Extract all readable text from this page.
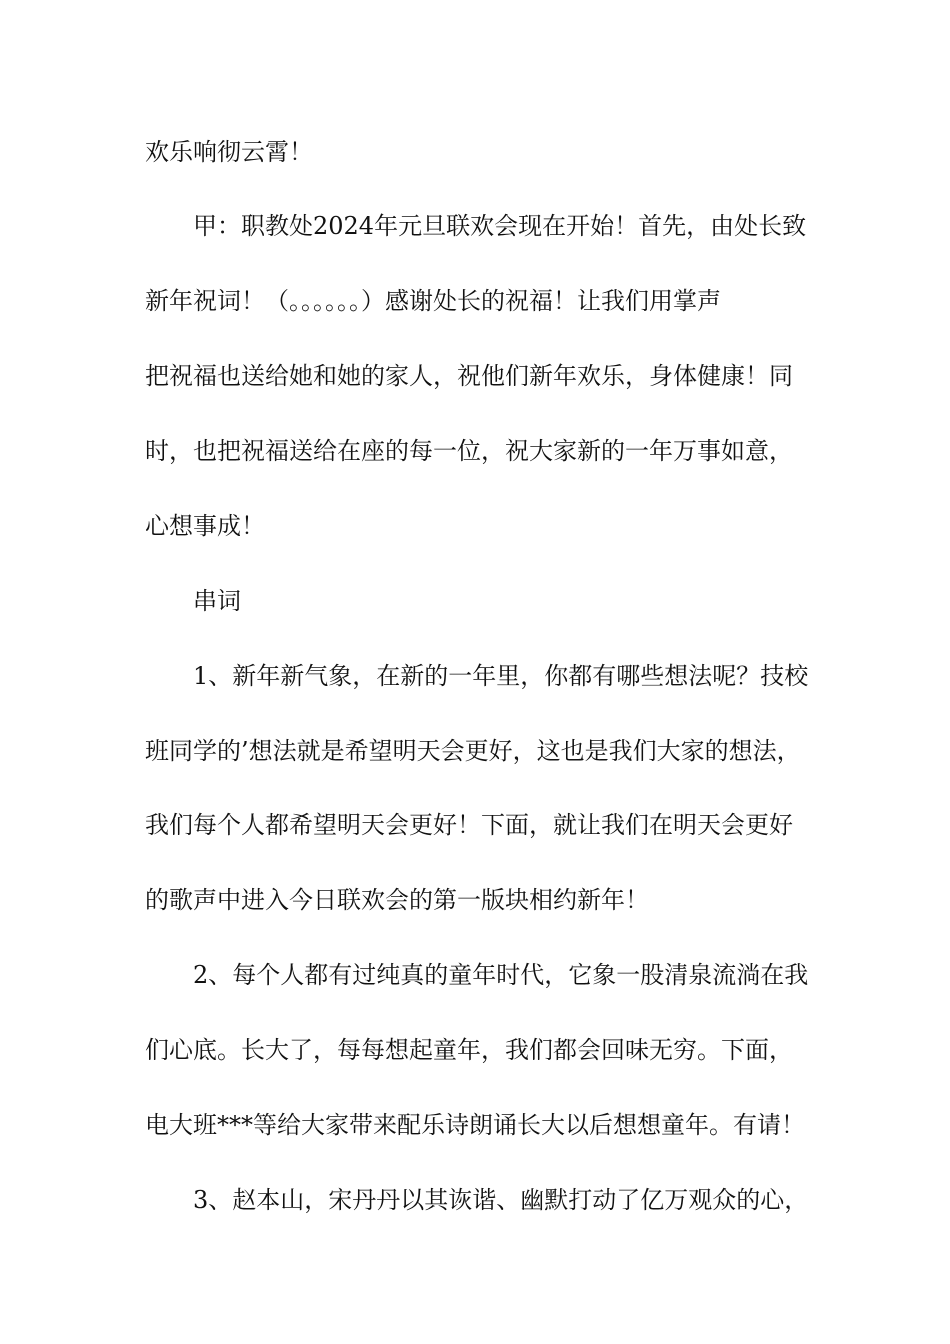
欢乐响彻云霄！
甲：职教处2024年元旦联欢会现在开始！首先，由处长致
新年祝词！（。。。。。。）感谢处长的祝福！让我们用掌声
把祝福也送给她和她的家人，祝他们新年欢乐，身体健康！同
时，也把祝福送给在座的每一位，祝大家新的一年万事如意，
心想事成！
串词
1、新年新气象，在新的一年里，你都有哪些想法呢？技校
班同学的’想法就是希望明天会更好，这也是我们大家的想法，
我们每个人都希望明天会更好！下面，就让我们在明天会更好
的歌声中进入今日联欢会的第一版块相约新年！
2、每个人都有过纯真的童年时代，它象一股清泉流淌在我
们心底。长大了，每每想起童年，我们都会回味无穷。下面，
电大班***等给大家带来配乐诗朗诵长大以后想想童年。有请！
3、赵本山，宋丹丹以其诙谐、幽默打动了亿万观众的心，
